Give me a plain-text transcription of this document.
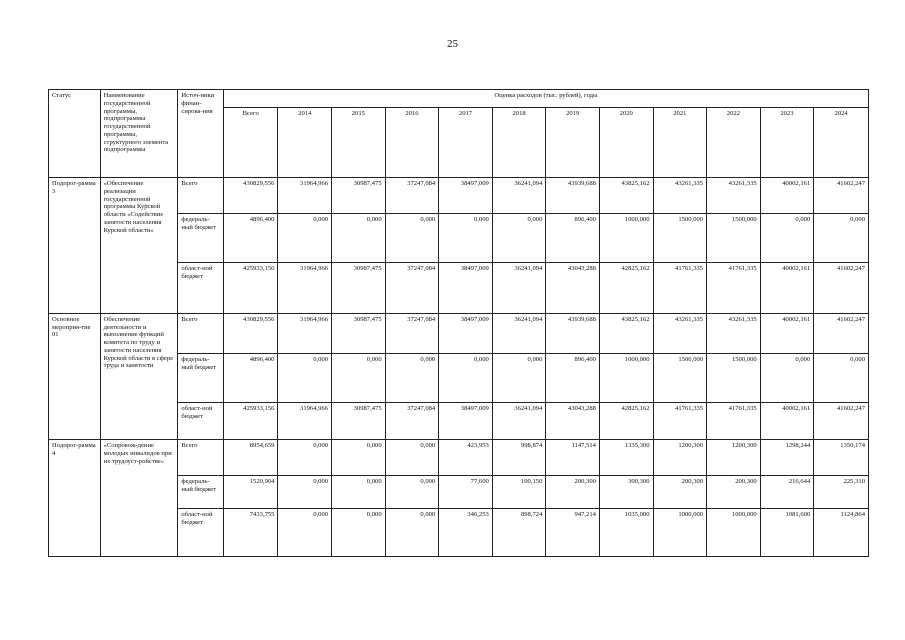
25
Статус	Наименование государственной программы, подпрограммы государственной программы, структурного элемента подпрограммы	Источ-ники финан-сирова-ния	Оценка расходов (тыс. рублей), годы											
			Всего	2014	2015	2016	2017	2018	2019	2020	2021	2022	2023	2024
Подпрог-рамма 3	«Обеспечение реализации государственной программы Курской области «Содействие занятости населения Курской области»	Всего	430829,556	31964,966	30987,475	37247,084	38497,009	36241,094	43939,688	43825,162	43261,335	43261,335	40002,161	41602,247
		федераль-ный бюджет	4896,400	0,000	0,000	0,000	0,000	0,000	896,400	1000,000	1500,000	1500,000	0,000	0,000
		област-ной бюджет	425933,156	31964,966	30987,475	37247,084	38497,009	36241,094	43043,288	42825,162	41761,335	41761,335	40002,161	41602,247
Основное мероприя-тие 01	Обеспечение деятельности и выполнение функций комитета по труду и занятости населения Курской области в сфере труда и занятости	Всего	430829,556	31964,966	30987,475	37247,084	38497,009	36241,094	43939,688	43825,162	43261,335	43261,335	40002,161	41602,247
		федераль-ный бюджет	4896,400	0,000	0,000	0,000	0,000	0,000	896,400	1000,000	1500,000	1500,000	0,000	0,000
		област-ной бюджет	425933,156	31964,966	30987,475	37247,084	38497,009	36241,094	43043,288	42825,162	41761,335	41761,335	40002,161	41602,247
Подпрог-рамма 4	«Сопровож-дение молодых инвалидов при их трудоуст-ройстве»	Всего	8954,659	0,000	0,000	0,000	423,953	998,874	1147,514	1335,300	1200,300	1200,300	1298,244	1350,174
		федераль-ный бюджет	1520,904	0,000	0,000	0,000	77,600	100,150	200,300	300,300	200,300	200,300	216,644	225,310
		област-ной бюджет	7433,755	0,000	0,000	0,000	346,253	898,724	947,214	1035,000	1000,000	1000,000	1081,600	1124,864
